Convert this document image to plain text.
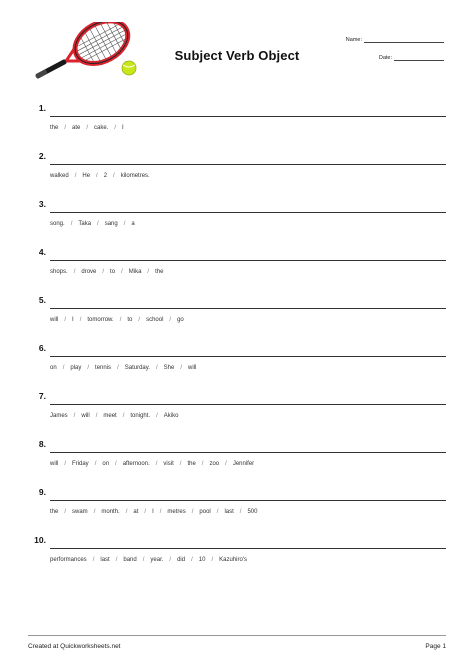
Subject Verb Object
Name:
Date:
1.
the / ate / cake. / I
2.
walked / He / 2 / kilometres.
3.
song. / Taka / sang / a
4.
shops. / drove / to / Mika / the
5.
will / I / tomorrow. / to / school / go
6.
on / play / tennis / Saturday. / She / will
7.
James / will / meet / tonight. / Akiko
8.
will / Friday / on / afternoon. / visit / the / zoo / Jennifer
9.
the / swam / month. / at / I / metres / pool / last / 500
10.
performances / last / band / year. / did / 10 / Kazuhiro's
Created at Quickworksheets.net	Page 1
